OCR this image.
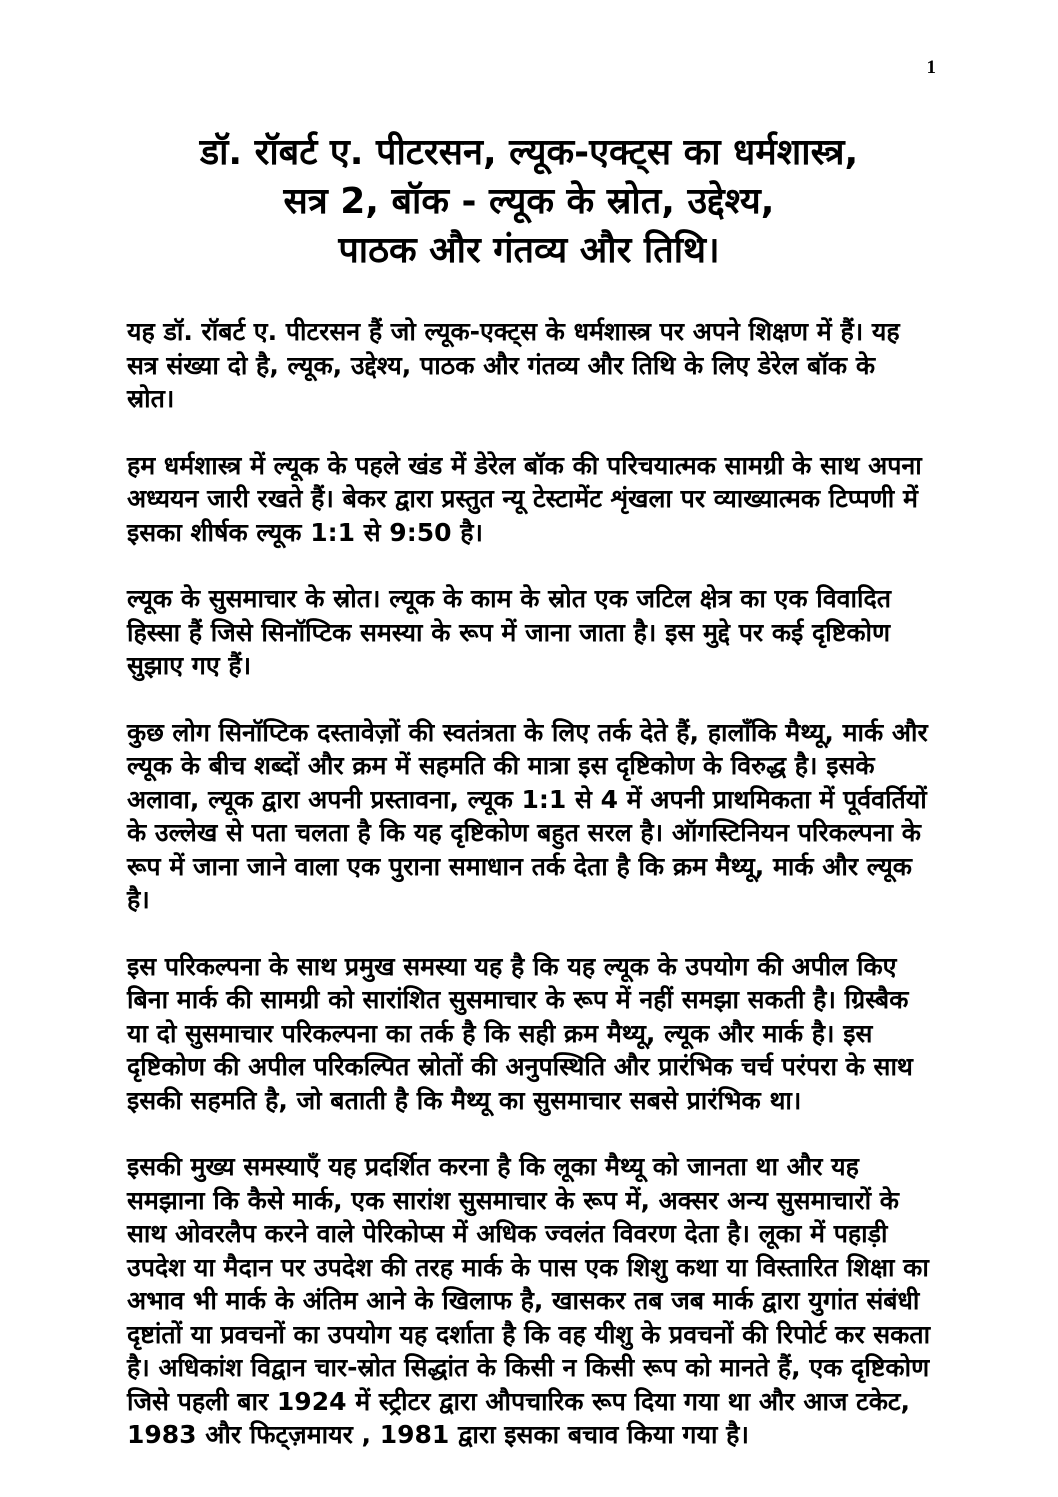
1
डॉ. रॉबर्ट ए. पीटरसन, ल्यूक-एक्ट्स का धर्मशास्त्र,
सत्र 2, बॉक - ल्यूक के स्रोत, उद्देश्य,
पाठक और गंतव्य और तिथि।

यह डॉ. रॉबर्ट ए. पीटरसन हैं जो ल्यूक-एक्ट्स के धर्मशास्त्र पर अपने शिक्षण में हैं। यह सत्र संख्या दो है, ल्यूक, उद्देश्य, पाठक और गंतव्य और तिथि के लिए डेरेल बॉक के स्रोत।

हम धर्मशास्त्र में ल्यूक के पहले खंड में डेरेल बॉक की परिचयात्मक सामग्री के साथ अपना अध्ययन जारी रखते हैं। बेकर द्वारा प्रस्तुत न्यू टेस्टामेंट शृंखला पर व्याख्यात्मक टिप्पणी में इसका शीर्षक ल्यूक 1:1 से 9:50 है।

ल्यूक के सुसमाचार के स्रोत। ल्यूक के काम के स्रोत एक जटिल क्षेत्र का एक विवादित हिस्सा हैं जिसे सिनॉप्टिक समस्या के रूप में जाना जाता है। इस मुद्दे पर कई दृष्टिकोण सुझाए गए हैं।

कुछ लोग सिनॉप्टिक दस्तावेज़ों की स्वतंत्रता के लिए तर्क देते हैं, हालाँकि मैथ्यू, मार्क और ल्यूक के बीच शब्दों और क्रम में सहमति की मात्रा इस दृष्टिकोण के विरुद्ध है। इसके अलावा, ल्यूक द्वारा अपनी प्रस्तावना, ल्यूक 1:1 से 4 में अपनी प्राथमिकता में पूर्ववर्तियों के उल्लेख से पता चलता है कि यह दृष्टिकोण बहुत सरल है। ऑगस्टिनियन परिकल्पना के रूप में जाना जाने वाला एक पुराना समाधान तर्क देता है कि क्रम मैथ्यू, मार्क और ल्यूक है।

इस परिकल्पना के साथ प्रमुख समस्या यह है कि यह ल्यूक के उपयोग की अपील किए बिना मार्क की सामग्री को सारांशित सुसमाचार के रूप में नहीं समझा सकती है। ग्रिस्बैक या दो सुसमाचार परिकल्पना का तर्क है कि सही क्रम मैथ्यू, ल्यूक और मार्क है। इस दृष्टिकोण की अपील परिकल्पित स्रोतों की अनुपस्थिति और प्रारंभिक चर्च परंपरा के साथ इसकी सहमति है, जो बताती है कि मैथ्यू का सुसमाचार सबसे प्रारंभिक था।

इसकी मुख्य समस्याएँ यह प्रदर्शित करना है कि लूका मैथ्यू को जानता था और यह समझाना कि कैसे मार्क, एक सारांश सुसमाचार के रूप में, अक्सर अन्य सुसमाचारों के साथ ओवरलैप करने वाले पेरिकोप्स में अधिक ज्वलंत विवरण देता है। लूका में पहाड़ी उपदेश या मैदान पर उपदेश की तरह मार्क के पास एक शिशु कथा या विस्तारित शिक्षा का अभाव भी मार्क के अंतिम आने के खिलाफ है, खासकर तब जब मार्क द्वारा युगांत संबंधी दृष्टांतों या प्रवचनों का उपयोग यह दर्शाता है कि वह यीशु के प्रवचनों की रिपोर्ट कर सकता है। अधिकांश विद्वान चार-स्रोत सिद्धांत के किसी न किसी रूप को मानते हैं, एक दृष्टिकोण जिसे पहली बार 1924 में स्ट्रीटर द्वारा औपचारिक रूप दिया गया था और आज टकेट, 1983 और फिट्ज़मायर , 1981 द्वारा इसका बचाव किया गया है।
